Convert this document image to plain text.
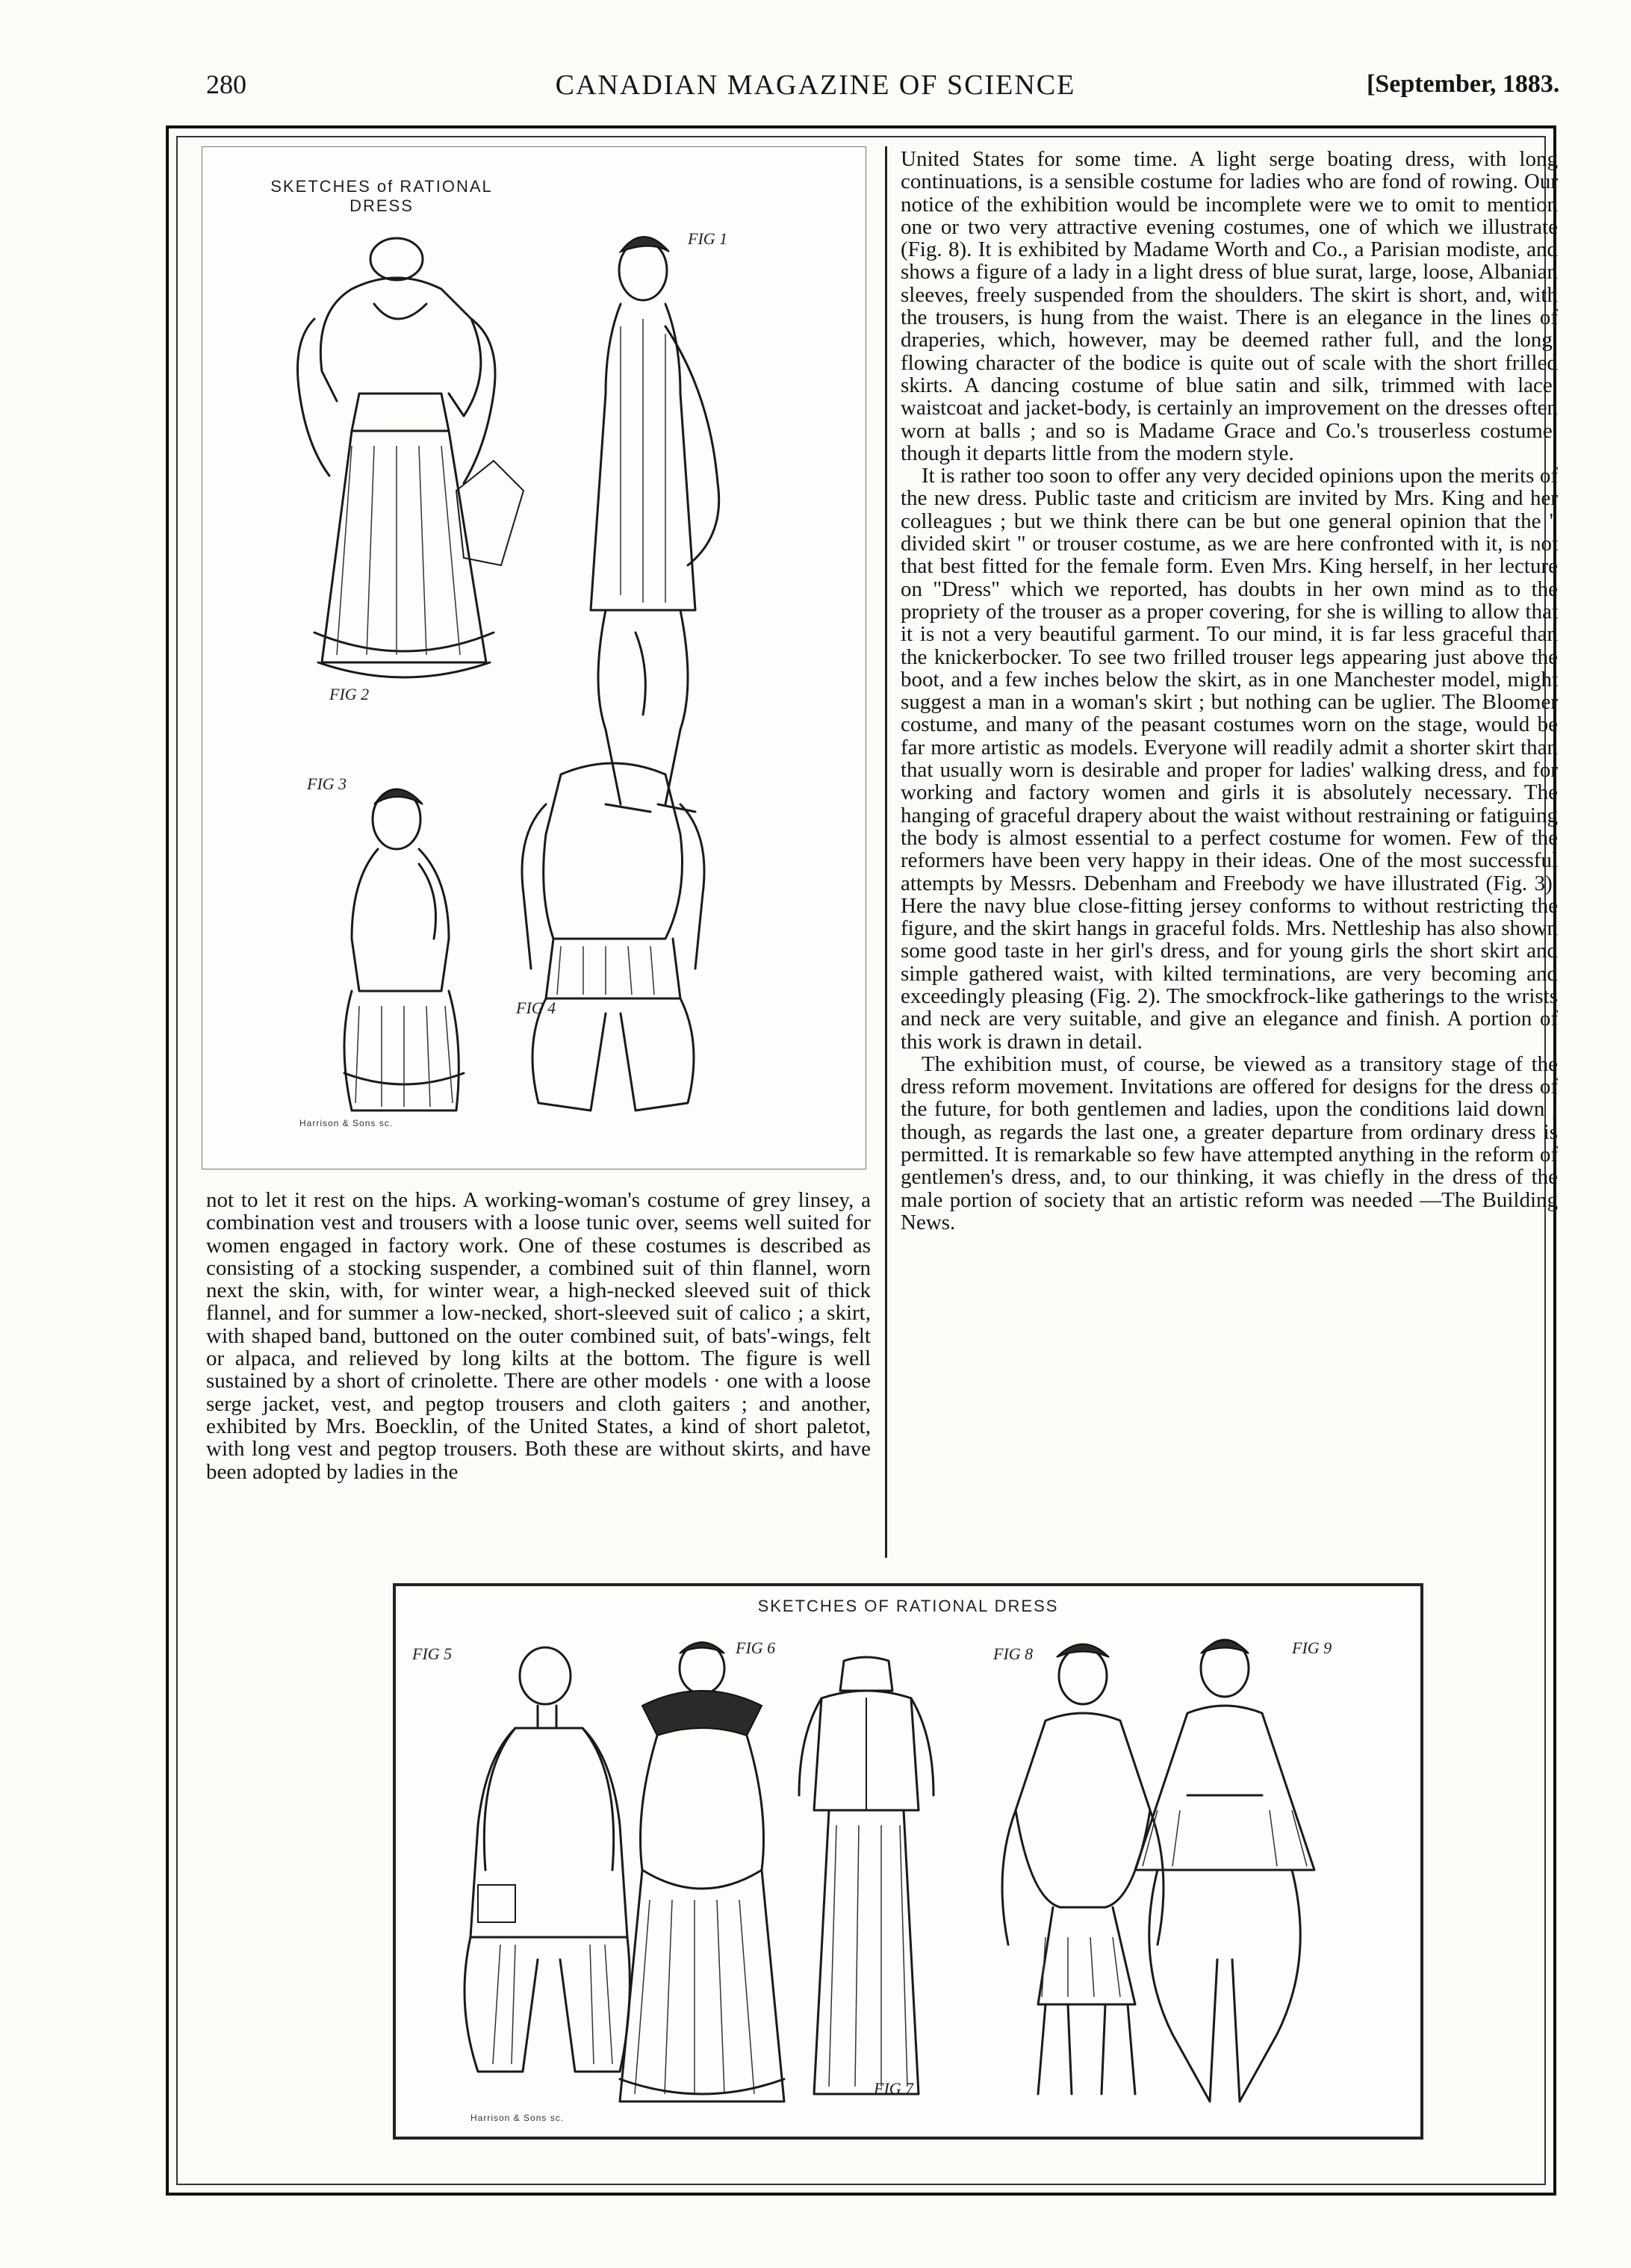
280	CANADIAN MAGAZINE OF SCIENCE	[September, 1883.
SKETCHES of RATIONAL DRESS
FIG 1
FIG 2
FIG 3
FIG 4
Harrison & Sons sc.

not to let it rest on the hips. A working-woman's costume of grey linsey, a combination vest and trousers with a loose tunic over, seems well suited for women engaged in factory work. One of these costumes is described as consisting of a stocking suspender, a combined suit of thin flannel, worn next the skin, with, for winter wear, a high-necked sleeved suit of thick flannel, and for summer a low-necked, short-sleeved suit of calico ; a skirt, with shaped band, buttoned on the outer combined suit, of bats'-wings, felt or alpaca, and relieved by long kilts at the bottom. The figure is well sustained by a short of crinolette. There are other models · one with a loose serge jacket, vest, and pegtop trousers and cloth gaiters ; and another, exhibited by Mrs. Boecklin, of the United States, a kind of short paletot, with long vest and pegtop trousers. Both these are without skirts, and have been adopted by ladies in the

United States for some time. A light serge boating dress, with long continuations, is a sensible costume for ladies who are fond of rowing. Our notice of the exhibition would be incomplete were we to omit to mention one or two very attractive evening costumes, one of which we illustrate (Fig. 8). It is exhibited by Madame Worth and Co., a Parisian modiste, and shows a figure of a lady in a light dress of blue surat, large, loose, Albanian sleeves, freely suspended from the shoulders. The skirt is short, and, with the trousers, is hung from the waist. There is an elegance in the lines of draperies, which, however, may be deemed rather full, and the long, flowing character of the bodice is quite out of scale with the short frilled skirts. A dancing costume of blue satin and silk, trimmed with lace, waistcoat and jacket-body, is certainly an improvement on the dresses often worn at balls ; and so is Madame Grace and Co.'s trouserless costume, though it departs little from the modern style.

It is rather too soon to offer any very decided opinions upon the merits of the new dress. Public taste and criticism are invited by Mrs. King and her colleagues ; but we think there can be but one general opinion that the " divided skirt " or trouser costume, as we are here confronted with it, is not that best fitted for the female form. Even Mrs. King herself, in her lecture on "Dress" which we reported, has doubts in her own mind as to the propriety of the trouser as a proper covering, for she is willing to allow that it is not a very beautiful garment. To our mind, it is far less graceful than the knickerbocker. To see two frilled trouser legs appearing just above the boot, and a few inches below the skirt, as in one Manchester model, might suggest a man in a woman's skirt ; but nothing can be uglier. The Bloomer costume, and many of the peasant costumes worn on the stage, would be far more artistic as models. Everyone will readily admit a shorter skirt than that usually worn is desirable and proper for ladies' walking dress, and for working and factory women and girls it is absolutely necessary. The hanging of graceful drapery about the waist without restraining or fatiguing the body is almost essential to a perfect costume for women. Few of the reformers have been very happy in their ideas. One of the most successful attempts by Messrs. Debenham and Freebody we have illustrated (Fig. 3). Here the navy blue close-fitting jersey conforms to without restricting the figure, and the skirt hangs in graceful folds. Mrs. Nettleship has also shown some good taste in her girl's dress, and for young girls the short skirt and simple gathered waist, with kilted terminations, are very becoming and exceedingly pleasing (Fig. 2). The smockfrock-like gatherings to the wrists and neck are very suitable, and give an elegance and finish. A portion of this work is drawn in detail.

The exhibition must, of course, be viewed as a transitory stage of the dress reform movement. Invitations are offered for designs for the dress of the future, for both gentlemen and ladies, upon the conditions laid down ; though, as regards the last one, a greater departure from ordinary dress is permitted. It is remarkable so few have attempted anything in the reform of gentlemen's dress, and, to our thinking, it was chiefly in the dress of the male portion of society that an artistic reform was needed —The Building News.

SKETCHES OF RATIONAL DRESS
FIG 5	FIG 6
FIG 7
FIG 8	FIG 9
Harrison & Sons sc.
